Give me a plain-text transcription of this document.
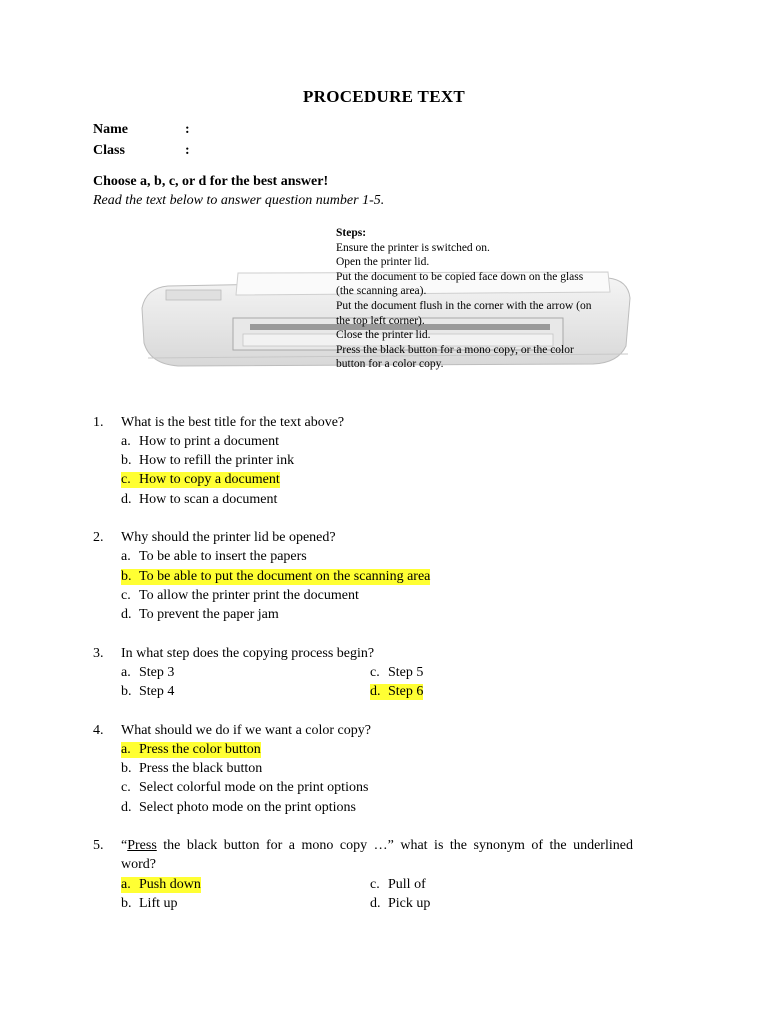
PROCEDURE TEXT
Name	:
Class	:
Choose a, b, c, or d for the best answer!
Read the text below to answer question number 1-5.
Steps:
Ensure the printer is switched on.
Open the printer lid.
Put the document to be copied face down on the glass
(the scanning area).
Put the document flush in the corner with the arrow (on
the top left corner).
Close the printer lid.
Press the black button for a mono copy, or the color
button for a color copy.
1. What is the best title for the text above?
a. How to print a document
b. How to refill the printer ink
c. How to copy a document
d. How to scan a document
2. Why should the printer lid be opened?
a. To be able to insert the papers
b. To be able to put the document on the scanning area
c. To allow the printer print the document
d. To prevent the paper jam
3. In what step does the copying process begin?
a. Step 3
b. Step 4
c. Step 5
d. Step 6
4. What should we do if we want a color copy?
a. Press the color button
b. Press the black button
c. Select colorful mode on the print options
d. Select photo mode on the print options
5. “Press the black button for a mono copy …” what is the synonym of the underlined
word?
a. Push down
b. Lift up
c. Pull of
d. Pick up
